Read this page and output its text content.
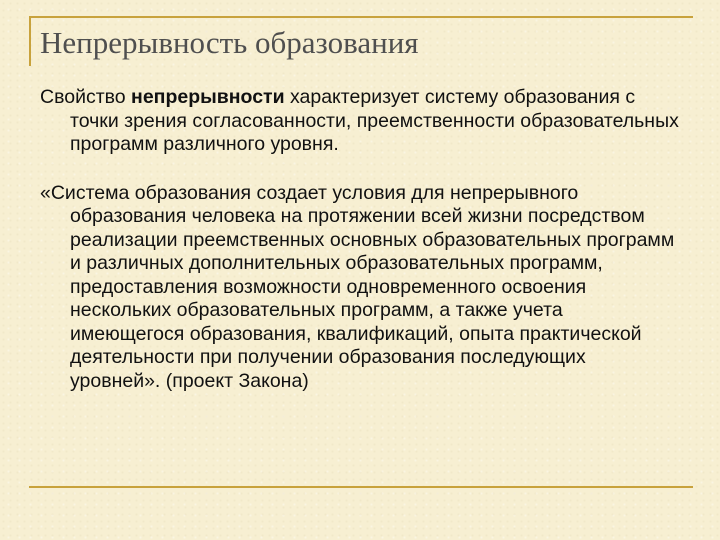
Непрерывность образования

Свойство непрерывности характеризует систему образования с точки зрения согласованности, преемственности образовательных программ различного уровня.

«Система образования создает условия для непрерывного образования человека на протяжении всей жизни посредством реализации преемственных основных образовательных программ и различных дополнительных образовательных программ, предоставления возможности одновременного освоения нескольких образовательных программ, а также учета имеющегося образования, квалификаций, опыта практической деятельности при получении образования последующих уровней». (проект Закона)
